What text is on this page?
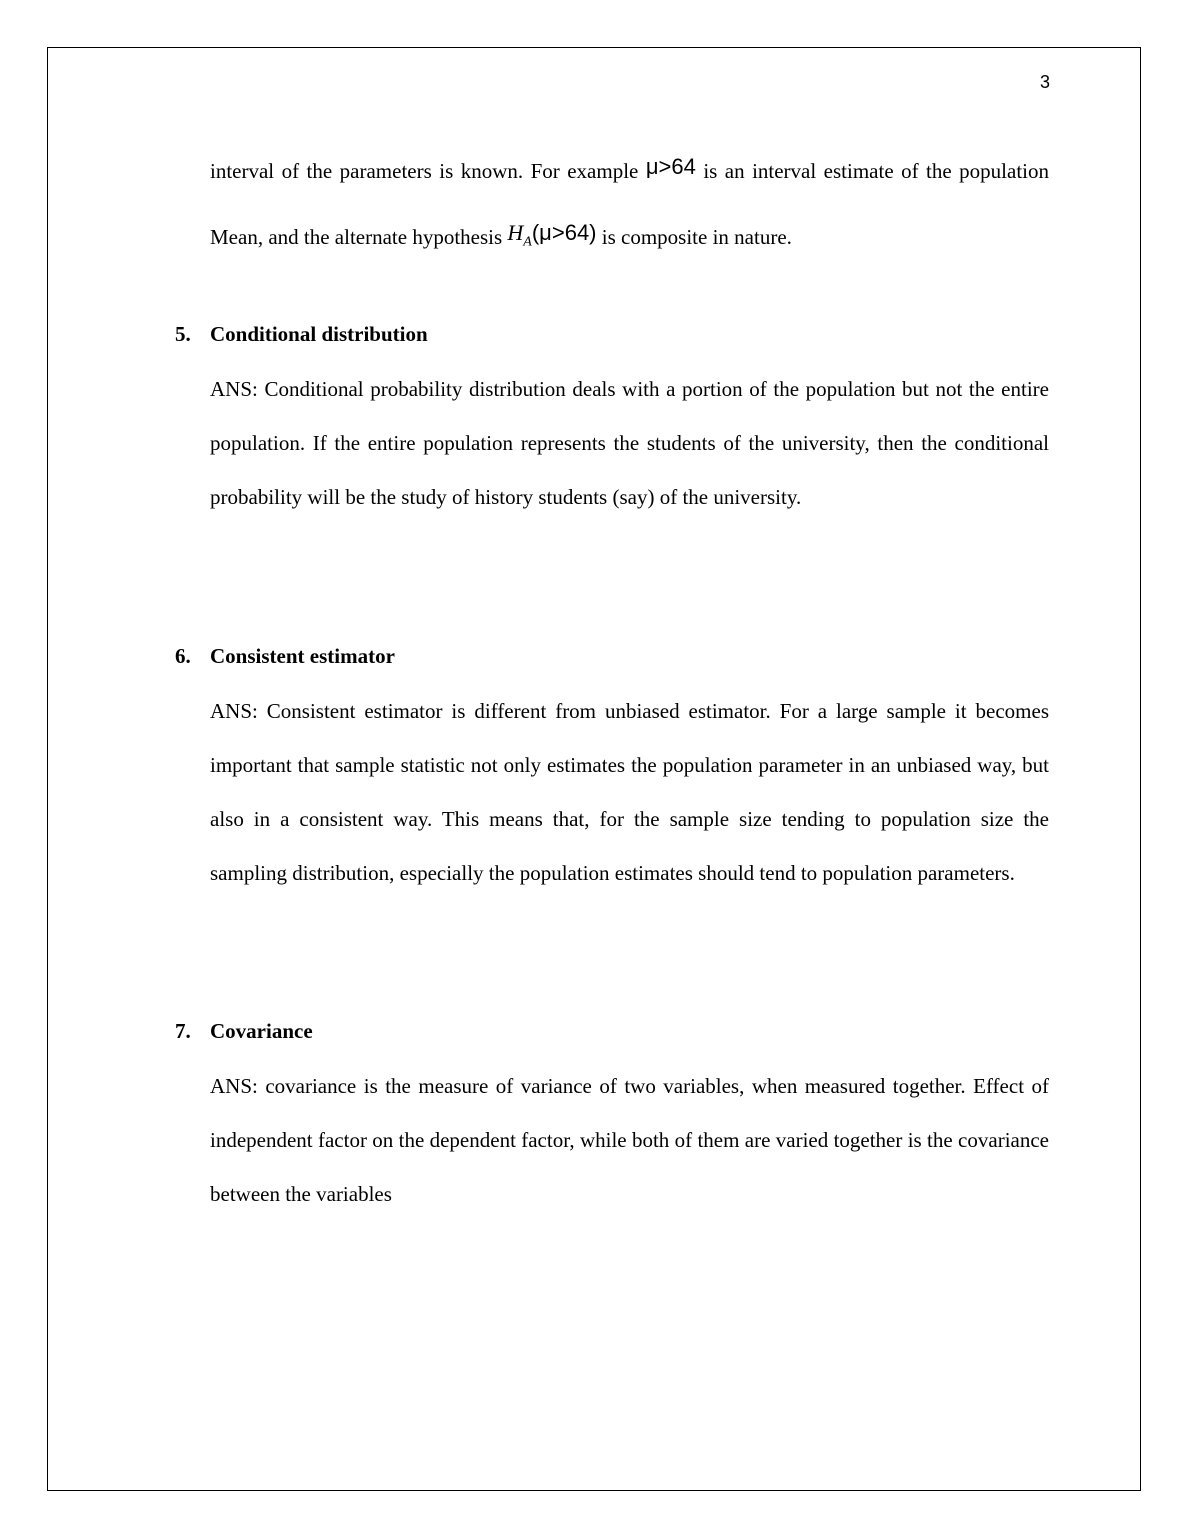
3
interval of the parameters is known. For example μ>64 is an interval estimate of the population Mean, and the alternate hypothesis $H_A(\mu>64)$ is composite in nature.
5. Conditional distribution
ANS: Conditional probability distribution deals with a portion of the population but not the entire population. If the entire population represents the students of the university, then the conditional probability will be the study of history students (say) of the university.
6. Consistent estimator
ANS: Consistent estimator is different from unbiased estimator. For a large sample it becomes important that sample statistic not only estimates the population parameter in an unbiased way, but also in a consistent way. This means that, for the sample size tending to population size the sampling distribution, especially the population estimates should tend to population parameters.
7. Covariance
ANS: covariance is the measure of variance of two variables, when measured together. Effect of independent factor on the dependent factor, while both of them are varied together is the covariance between the variables
